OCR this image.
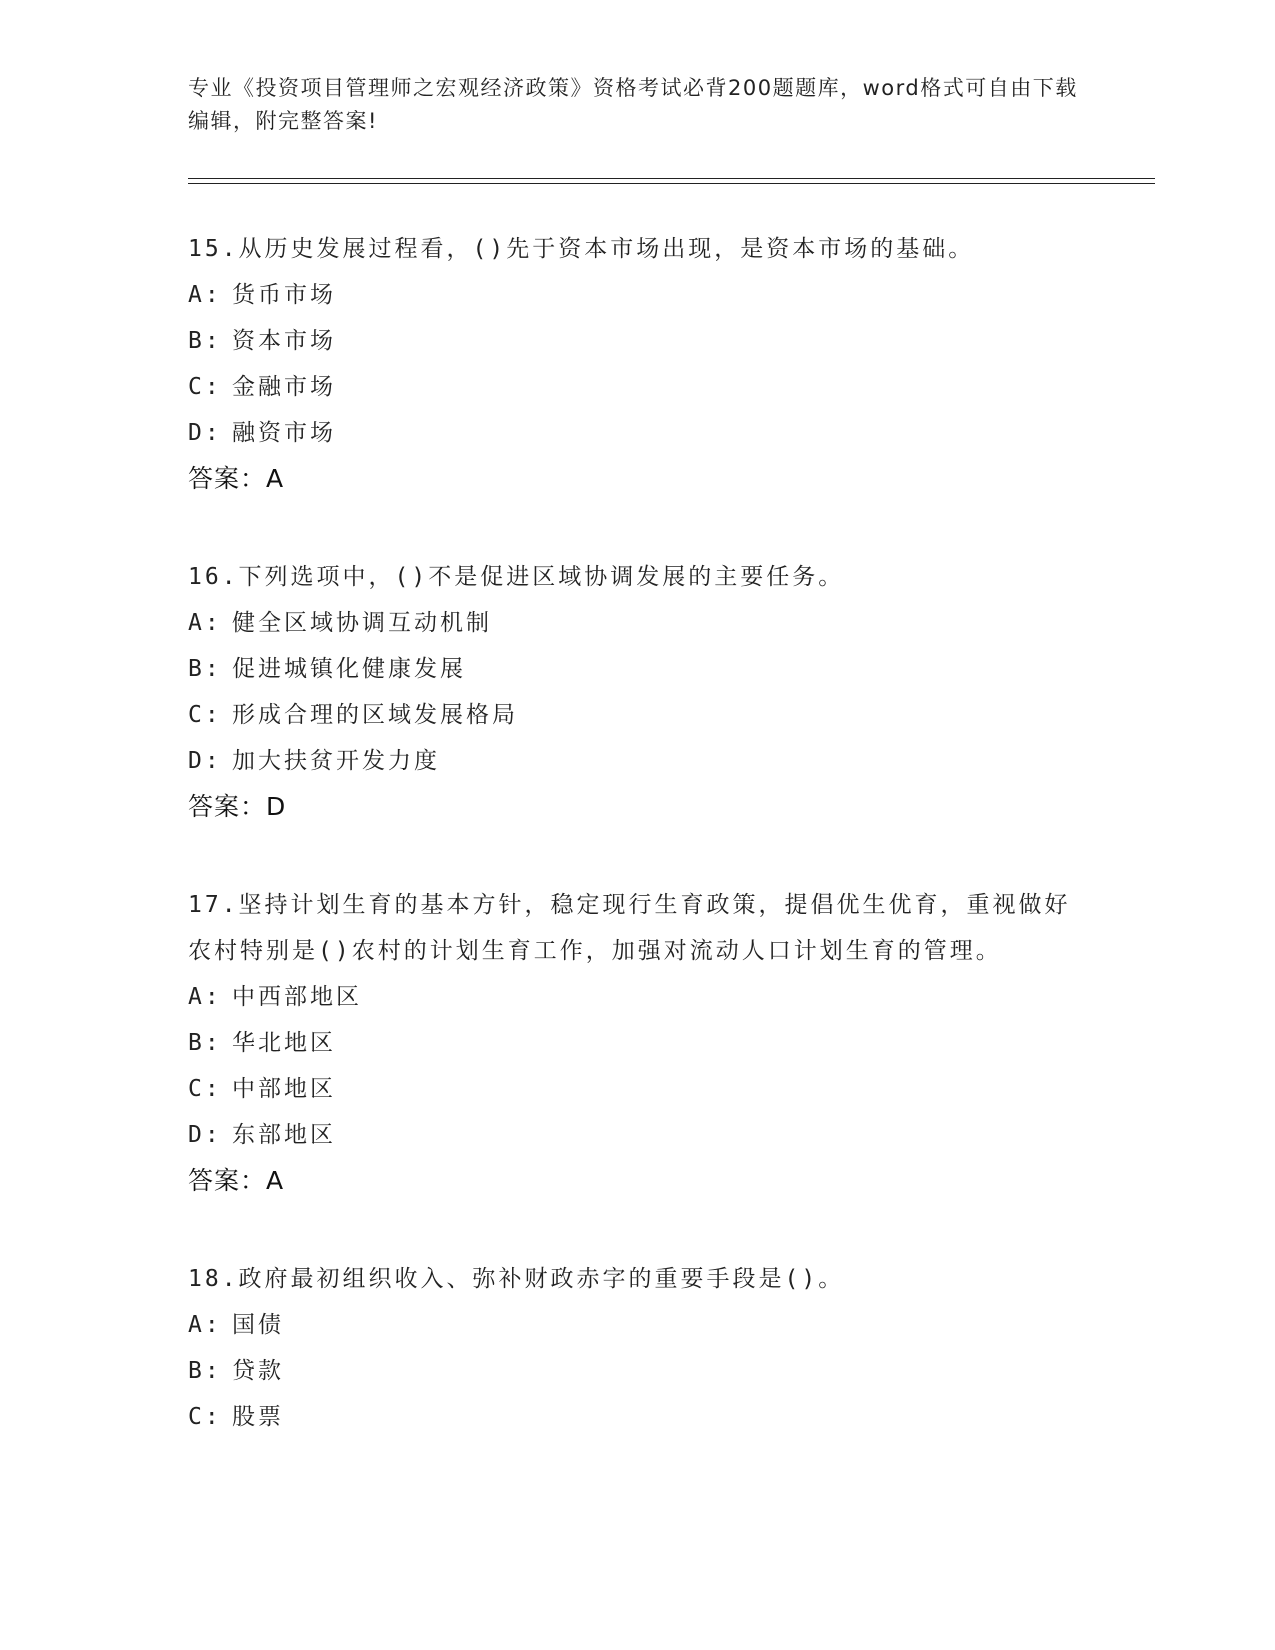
专业《投资项目管理师之宏观经济政策》资格考试必背200题题库，word格式可自由下载编辑，附完整答案!
15.从历史发展过程看，()先于资本市场出现，是资本市场的基础。
A: 货币市场
B: 资本市场
C: 金融市场
D: 融资市场
答案：A
16.下列选项中，()不是促进区域协调发展的主要任务。
A: 健全区域协调互动机制
B: 促进城镇化健康发展
C: 形成合理的区域发展格局
D: 加大扶贫开发力度
答案：D
17.坚持计划生育的基本方针，稳定现行生育政策，提倡优生优育，重视做好农村特别是()农村的计划生育工作，加强对流动人口计划生育的管理。
A: 中西部地区
B: 华北地区
C: 中部地区
D: 东部地区
答案：A
18.政府最初组织收入、弥补财政赤字的重要手段是()。
A: 国债
B: 贷款
C: 股票
